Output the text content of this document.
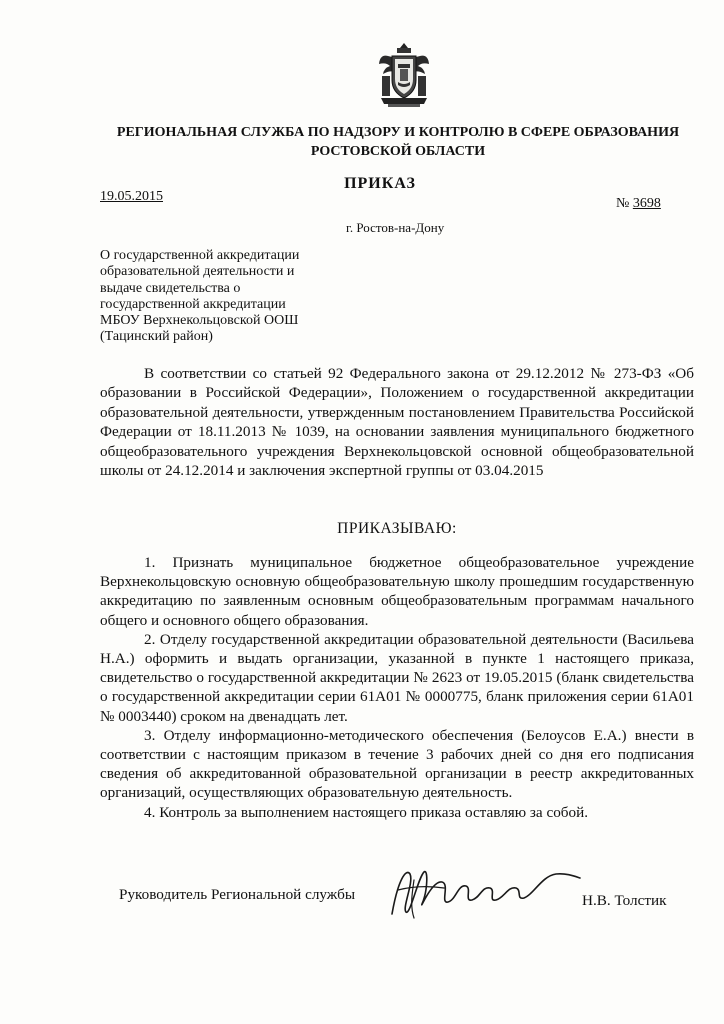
РЕГИОНАЛЬНАЯ СЛУЖБА ПО НАДЗОРУ И КОНТРОЛЮ В СФЕРЕ ОБРАЗОВАНИЯ РОСТОВСКОЙ ОБЛАСТИ
ПРИКАЗ
19.05.2015	№ 3698
г. Ростов-на-Дону
О государственной аккредитации
образовательной деятельности и
выдаче свидетельства о
государственной аккредитации
МБОУ Верхнекольцовской ООШ
(Тацинский район)

В соответствии со статьей 92 Федерального закона от 29.12.2012 № 273-ФЗ «Об образовании в Российской Федерации», Положением о государственной аккредитации образовательной деятельности, утвержденным постановлением Правительства Российской Федерации от 18.11.2013 № 1039, на основании заявления муниципального бюджетного общеобразовательного учреждения Верхнекольцовской основной общеобразовательной школы от 24.12.2014 и заключения экспертной группы от 03.04.2015

ПРИКАЗЫВАЮ:

1. Признать муниципальное бюджетное общеобразовательное учреждение Верхнекольцовскую основную общеобразовательную школу прошедшим государственную аккредитацию по заявленным основным общеобразовательным программам начального общего и основного общего образования.

2. Отделу государственной аккредитации образовательной деятельности (Васильева Н.А.) оформить и выдать организации, указанной в пункте 1 настоящего приказа, свидетельство о государственной аккредитации № 2623 от 19.05.2015 (бланк свидетельства о государственной аккредитации серии 61А01 № 0000775, бланк приложения серии 61А01 № 0003440) сроком на двенадцать лет.

3. Отделу информационно-методического обеспечения (Белоусов Е.А.) внести в соответствии с настоящим приказом в течение 3 рабочих дней со дня его подписания сведения об аккредитованной образовательной организации в реестр аккредитованных организаций, осуществляющих образовательную деятельность.

4. Контроль за выполнением настоящего приказа оставляю за собой.

Руководитель Региональной службы	Н.В. Толстик
